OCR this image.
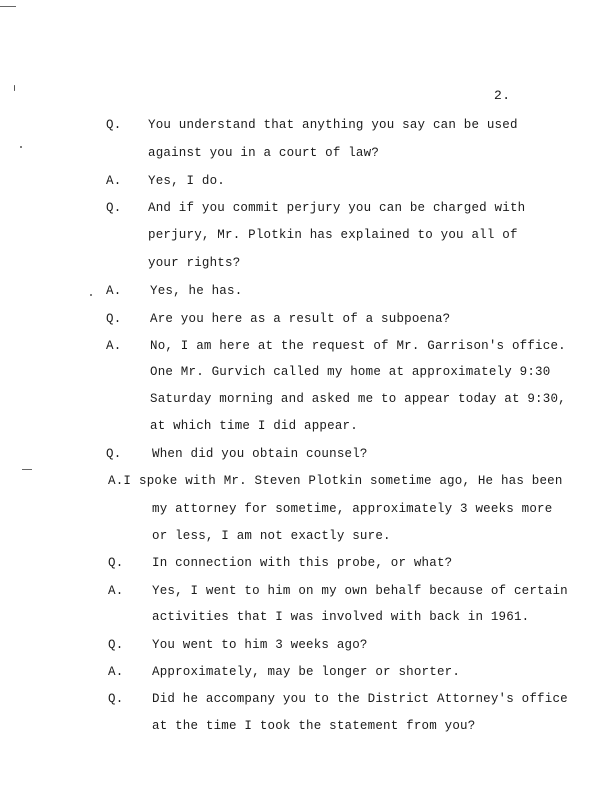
2.
Q. You understand that anything you say can be used
against you in a court of law?
A. Yes, I do.
Q. And if you commit perjury you can be charged with
perjury, Mr. Plotkin has explained to you all of
your rights?
A. Yes, he has.
Q. Are you here as a result of a subpoena?
A. No, I am here at the request of Mr. Garrison's office.
One Mr. Gurvich called my home at approximately 9:30
Saturday morning and asked me to appear today at 9:30,
at which time I did appear.
Q. When did you obtain counsel?
A.I spoke with Mr. Steven Plotkin sometime ago, He has been
my attorney for sometime, approximately 3 weeks more
or less, I am not exactly sure.
Q. In connection with this probe, or what?
A. Yes, I went to him on my own behalf because of certain
activities that I was involved with back in 1961.
Q. You went to him 3 weeks ago?
A. Approximately, may be longer or shorter.
Q. Did he accompany you to the District Attorney's office
at the time I took the statement from you?
